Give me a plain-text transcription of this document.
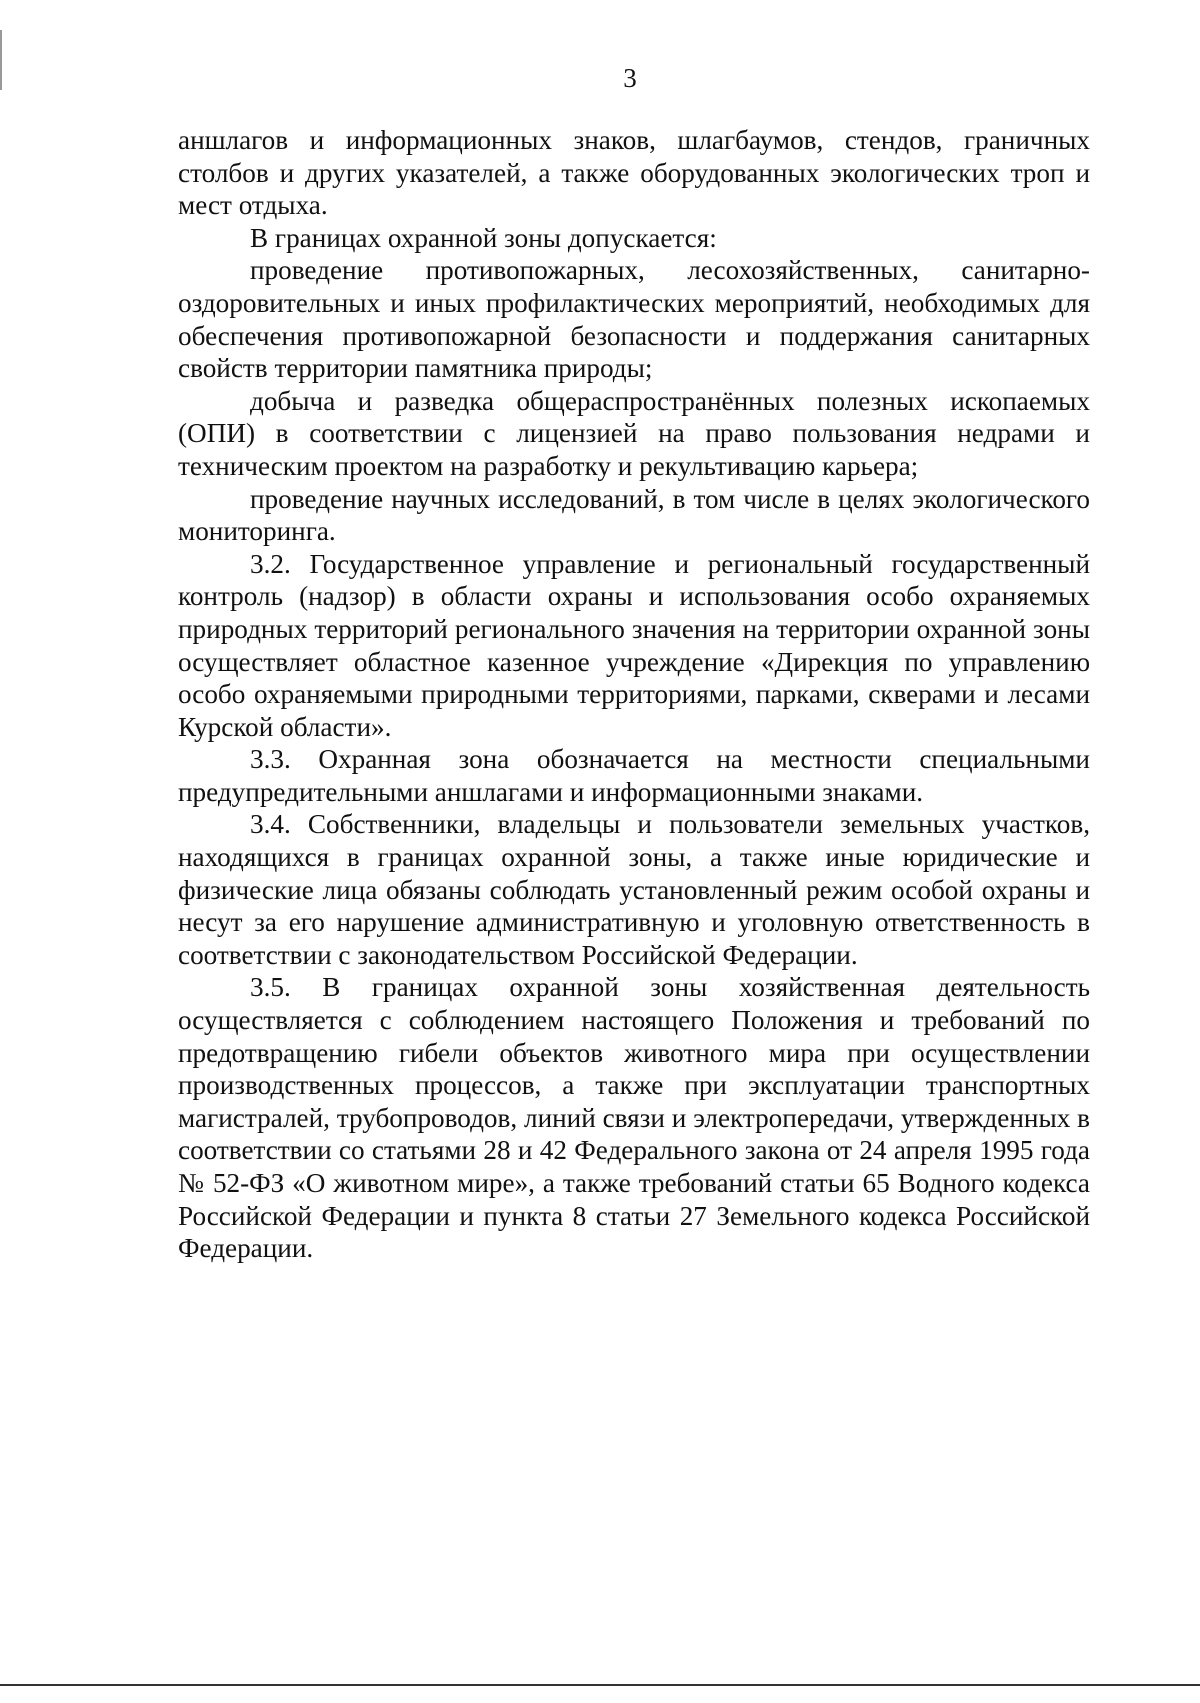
3

аншлагов и информационных знаков, шлагбаумов, стендов, граничных столбов и других указателей, а также оборудованных экологических троп и мест отдыха.

В границах охранной зоны допускается:

проведение противопожарных, лесохозяйственных, санитарно-оздоровительных и иных профилактических мероприятий, необходимых для обеспечения противопожарной безопасности и поддержания санитарных свойств территории памятника природы;

добыча и разведка общераспространённых полезных ископаемых (ОПИ) в соответствии с лицензией на право пользования недрами и техническим проектом на разработку и рекультивацию карьера;

проведение научных исследований, в том числе в целях экологического мониторинга.

3.2. Государственное управление и региональный государственный контроль (надзор) в области охраны и использования особо охраняемых природных территорий регионального значения на территории охранной зоны осуществляет областное казенное учреждение «Дирекция по управлению особо охраняемыми природными территориями, парками, скверами и лесами Курской области».

3.3. Охранная зона обозначается на местности специальными предупредительными аншлагами и информационными знаками.

3.4. Собственники, владельцы и пользователи земельных участков, находящихся в границах охранной зоны, а также иные юридические и физические лица обязаны соблюдать установленный режим особой охраны и несут за его нарушение административную и уголовную ответственность в соответствии с законодательством Российской Федерации.

3.5. В границах охранной зоны хозяйственная деятельность осуществляется с соблюдением настоящего Положения и требований по предотвращению гибели объектов животного мира при осуществлении производственных процессов, а также при эксплуатации транспортных магистралей, трубопроводов, линий связи и электропередачи, утвержденных в соответствии со статьями 28 и 42 Федерального закона от 24 апреля 1995 года № 52-ФЗ «О животном мире», а также требований статьи 65 Водного кодекса Российской Федерации и пункта 8 статьи 27 Земельного кодекса Российской Федерации.
